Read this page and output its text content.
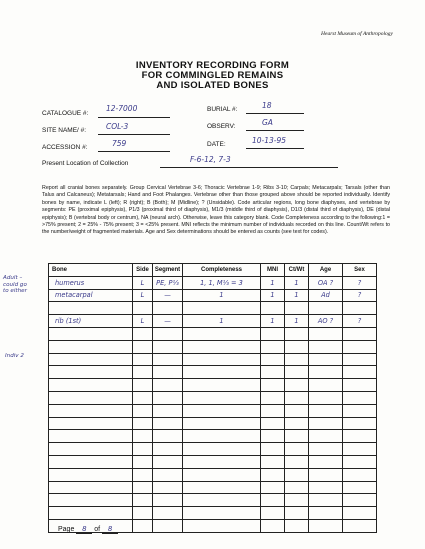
Hearst Museum of Anthropology
INVENTORY RECORDING FORM
FOR COMMINGLED REMAINS
AND ISOLATED BONES
CATALOGUE #:
12-7000
SITE NAME/ #:	COL-3
ACCESSION #:	759
BURIAL #:	18
OBSERV:	GA
DATE:	10-13-95
Present Location of Collection	F-6-12, 7-3
Report all cranial bones separately. Group Cervical Vertebrae 3-6; Thoracic Vertebrae 1-9; Ribs 3-10; Carpals; Metacarpals; Tarsals (other than Talus and Calcaneus); Metatarsals; Hand and Foot Phalanges. Vertebrae other than those grouped above should be reported individually. Identify bones by name, indicate L (left); R (right); B (Both); M (Midline); ? (Unsidable). Code articular regions, long bone diaphyses, and vertebrae by segments: PE (proximal epiphysis), P1/3 (proximal third of diaphysis), M1/3 (middle third of diaphysis), D1/3 (distal third of diaphysis), DE (distal epiphysis); B (vertebral body or centrum), NA (neural arch). Otherwise, leave this category blank. Code Completeness according to the following:1 = >75% present; 2 = 25% - 75% present; 3 = <25% present. MNI reflects the minimum number of individuals recorded on this line. Count/Wt refers to the number/weight of fragmented materials. Age and Sex determinations should be entered as counts (see text for codes).
Adult –
could go
to either
Indiv 2
Bone	Side	Segment	Completeness	MNI	Ct/Wt	Age	Sex
humerus	L	PE, P⅓	1, 1, M⅓ = 3	1	1	OA ?	?
metacarpal	L	—	1	1	1	Ad	?

rib (1st)	L	—	1	1	1	AO ?	?

Page 8 of 8
